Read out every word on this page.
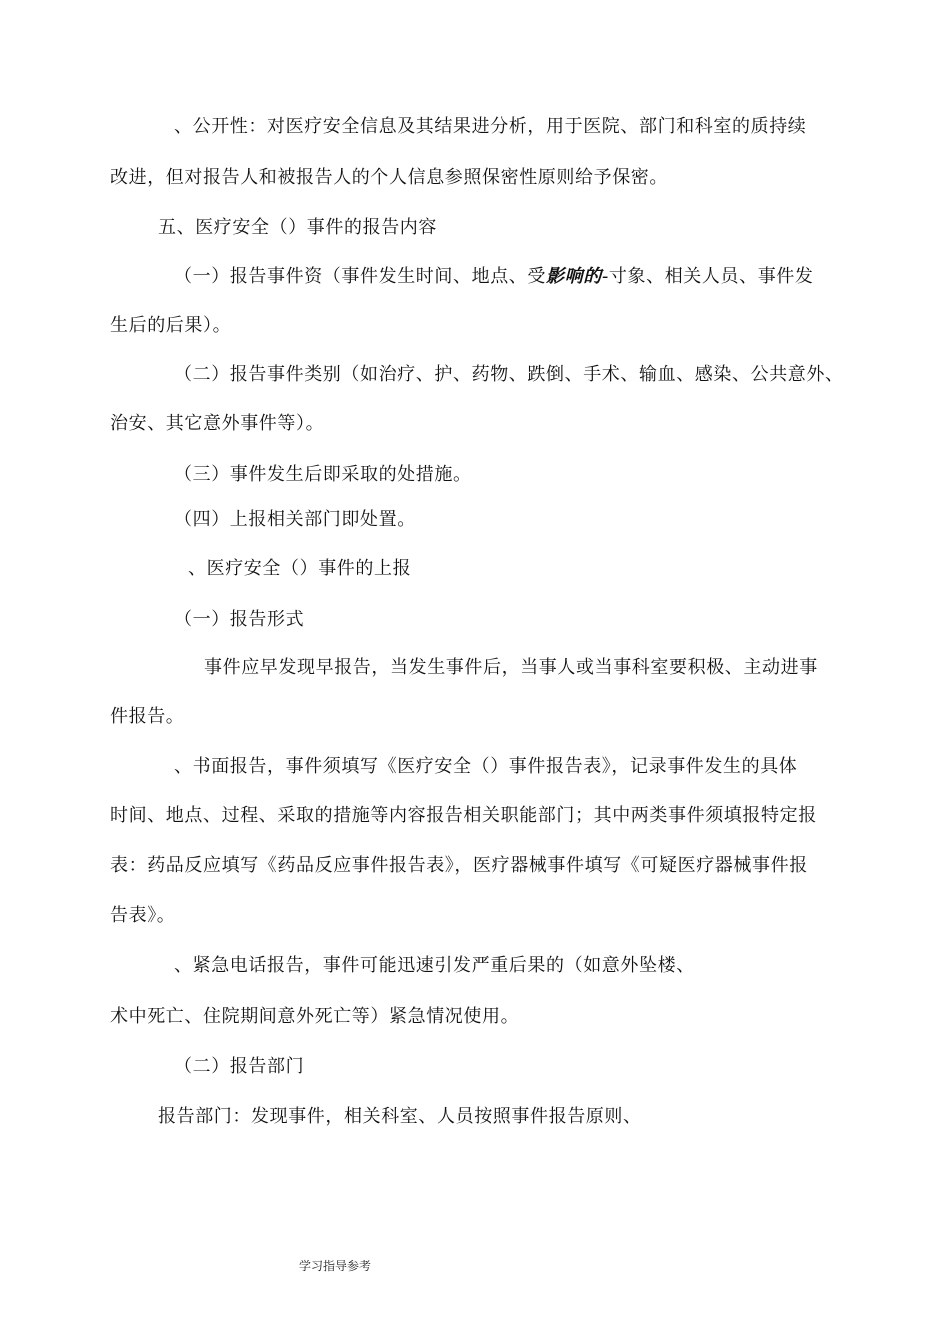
、公开性：对医疗安全信息及其结果进分析，用于医院、部门和科室的质持续

改进，但对报告人和被报告人的个人信息参照保密性原则给予保密。

五、医疗安全（）事件的报告内容

（一）报告事件资（事件发生时间、地点、受影响的-寸象、相关人员、事件发

生后的后果）。

（二）报告事件类别（如治疗、护、药物、跌倒、手术、输血、感染、公共意外、

治安、其它意外事件等）。

（三）事件发生后即采取的处措施。

（四）上报相关部门即处置。

、医疗安全（）事件的上报

（一）报告形式

事件应早发现早报告，当发生事件后，当事人或当事科室要积极、主动进事

件报告。

、书面报告，事件须填写《医疗安全（）事件报告表》，记录事件发生的具体

时间、地点、过程、采取的措施等内容报告相关职能部门；其中两类事件须填报特定报

表：药品反应填写《药品反应事件报告表》，医疗器械事件填写《可疑医疗器械事件报

告表》。

、紧急电话报告，事件可能迅速引发严重后果的（如意外坠楼、

术中死亡、住院期间意外死亡等）紧急情况使用。

（二）报告部门

报告部门：发现事件，相关科室、人员按照事件报告原则、

学习指导参考
